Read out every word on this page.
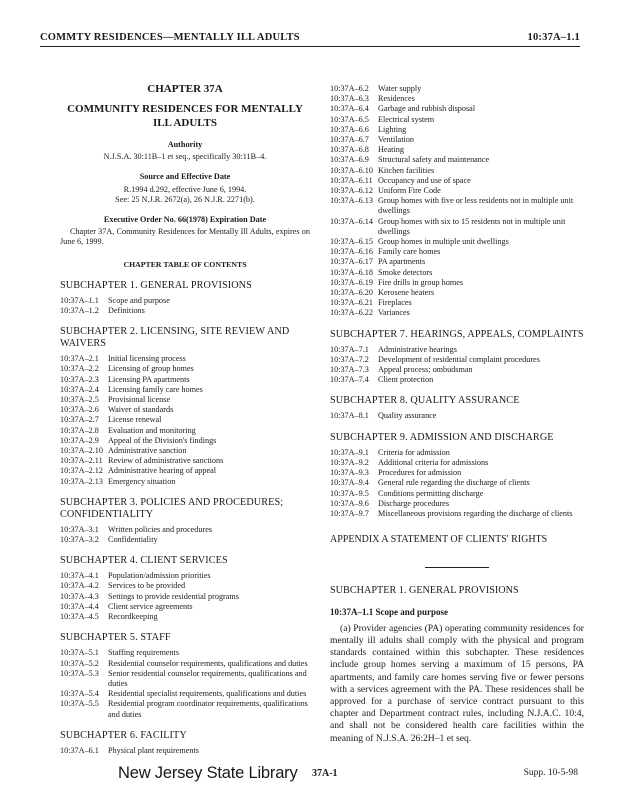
COMMTY RESIDENCES—MENTALLY ILL ADULTS	10:37A–1.1
CHAPTER 37A
COMMUNITY RESIDENCES FOR MENTALLY ILL ADULTS
Authority
N.J.S.A. 30:11B–1 et seq., specifically 30:11B–4.
Source and Effective Date
R.1994 d.292, effective June 6, 1994.
See: 25 N.J.R. 2672(a), 26 N.J.R. 2271(b).
Executive Order No. 66(1978) Expiration Date
Chapter 37A, Community Residences for Mentally Ill Adults, expires on June 6, 1999.
CHAPTER TABLE OF CONTENTS
SUBCHAPTER 1. GENERAL PROVISIONS
10:37A–1.1	Scope and purpose
10:37A–1.2	Definitions
SUBCHAPTER 2. LICENSING, SITE REVIEW AND WAIVERS
10:37A–2.1	Initial licensing process
10:37A–2.2	Licensing of group homes
10:37A–2.3	Licensing PA apartments
10:37A–2.4	Licensing family care homes
10:37A–2.5	Provisional license
10:37A–2.6	Waiver of standards
10:37A–2.7	License renewal
10:37A–2.8	Evaluation and monitoring
10:37A–2.9	Appeal of the Division's findings
10:37A–2.10 Administrative sanction
10:37A–2.11 Review of administrative sanctions
10:37A–2.12 Administrative hearing of appeal
10:37A–2.13 Emergency situation
SUBCHAPTER 3. POLICIES AND PROCEDURES; CONFIDENTIALITY
10:37A–3.1	Written policies and procedures
10:37A–3.2	Confidentiality
SUBCHAPTER 4. CLIENT SERVICES
10:37A–4.1	Population/admission priorities
10:37A–4.2	Services to be provided
10:37A–4.3	Settings to provide residential programs
10:37A–4.4	Client service agreements
10:37A–4.5	Recordkeeping
SUBCHAPTER 5. STAFF
10:37A–5.1	Staffing requirements
10:37A–5.2	Residential counselor requirements, qualifications and duties
10:37A–5.3	Senior residential counselor requirements, qualifications and duties
10:37A–5.4	Residential specialist requirements, qualifications and duties
10:37A–5.5	Residential program coordinator requirements, qualifications and duties
SUBCHAPTER 6. FACILITY
10:37A–6.1	Physical plant requirements
10:37A–6.2	Water supply
10:37A–6.3	Residences
10:37A–6.4	Garbage and rubbish disposal
10:37A–6.5	Electrical system
10:37A–6.6	Lighting
10:37A–6.7	Ventilation
10:37A–6.8	Heating
10:37A–6.9	Structural safety and maintenance
10:37A–6.10 Kitchen facilities
10:37A–6.11 Occupancy and use of space
10:37A–6.12 Uniform Fire Code
10:37A–6.13 Group homes with five or less residents not in multiple unit dwellings
10:37A–6.14 Group homes with six to 15 residents not in multiple unit dwellings
10:37A–6.15 Group homes in multiple unit dwellings
10:37A–6.16 Family care homes
10:37A–6.17 PA apartments
10:37A–6.18 Smoke detectors
10:37A–6.19 Fire drills in group homes
10:37A–6.20 Kerosene heaters
10:37A–6.21 Fireplaces
10:37A–6.22 Variances
SUBCHAPTER 7. HEARINGS, APPEALS, COMPLAINTS
10:37A–7.1	Administrative hearings
10:37A–7.2	Development of residential complaint procedures
10:37A–7.3	Appeal process; ombudsman
10:37A–7.4	Client protection
SUBCHAPTER 8. QUALITY ASSURANCE
10:37A–8.1	Quality assurance
SUBCHAPTER 9. ADMISSION AND DISCHARGE
10:37A–9.1	Criteria for admission
10:37A–9.2	Additional criteria for admissions
10:37A–9.3	Procedures for admission
10:37A–9.4	General rule regarding the discharge of clients
10:37A–9.5	Conditions permitting discharge
10:37A–9.6	Discharge procedures
10:37A–9.7	Miscellaneous provisions regarding the discharge of clients
APPENDIX A STATEMENT OF CLIENTS' RIGHTS
SUBCHAPTER 1. GENERAL PROVISIONS
10:37A–1.1 Scope and purpose
(a) Provider agencies (PA) operating community residences for mentally ill adults shall comply with the physical and program standards contained within this subchapter. These residences include group homes serving a maximum of 15 persons, PA apartments, and family care homes serving five or fewer persons with a services agreement with the PA. These residences shall be approved for a purchase of service contract pursuant to this chapter and Department contract rules, including N.J.A.C. 10:4, and shall not be considered health care facilities within the meaning of N.J.S.A. 26:2H–1 et seq.
New Jersey State Library 37A-1	Supp. 10-5-98
